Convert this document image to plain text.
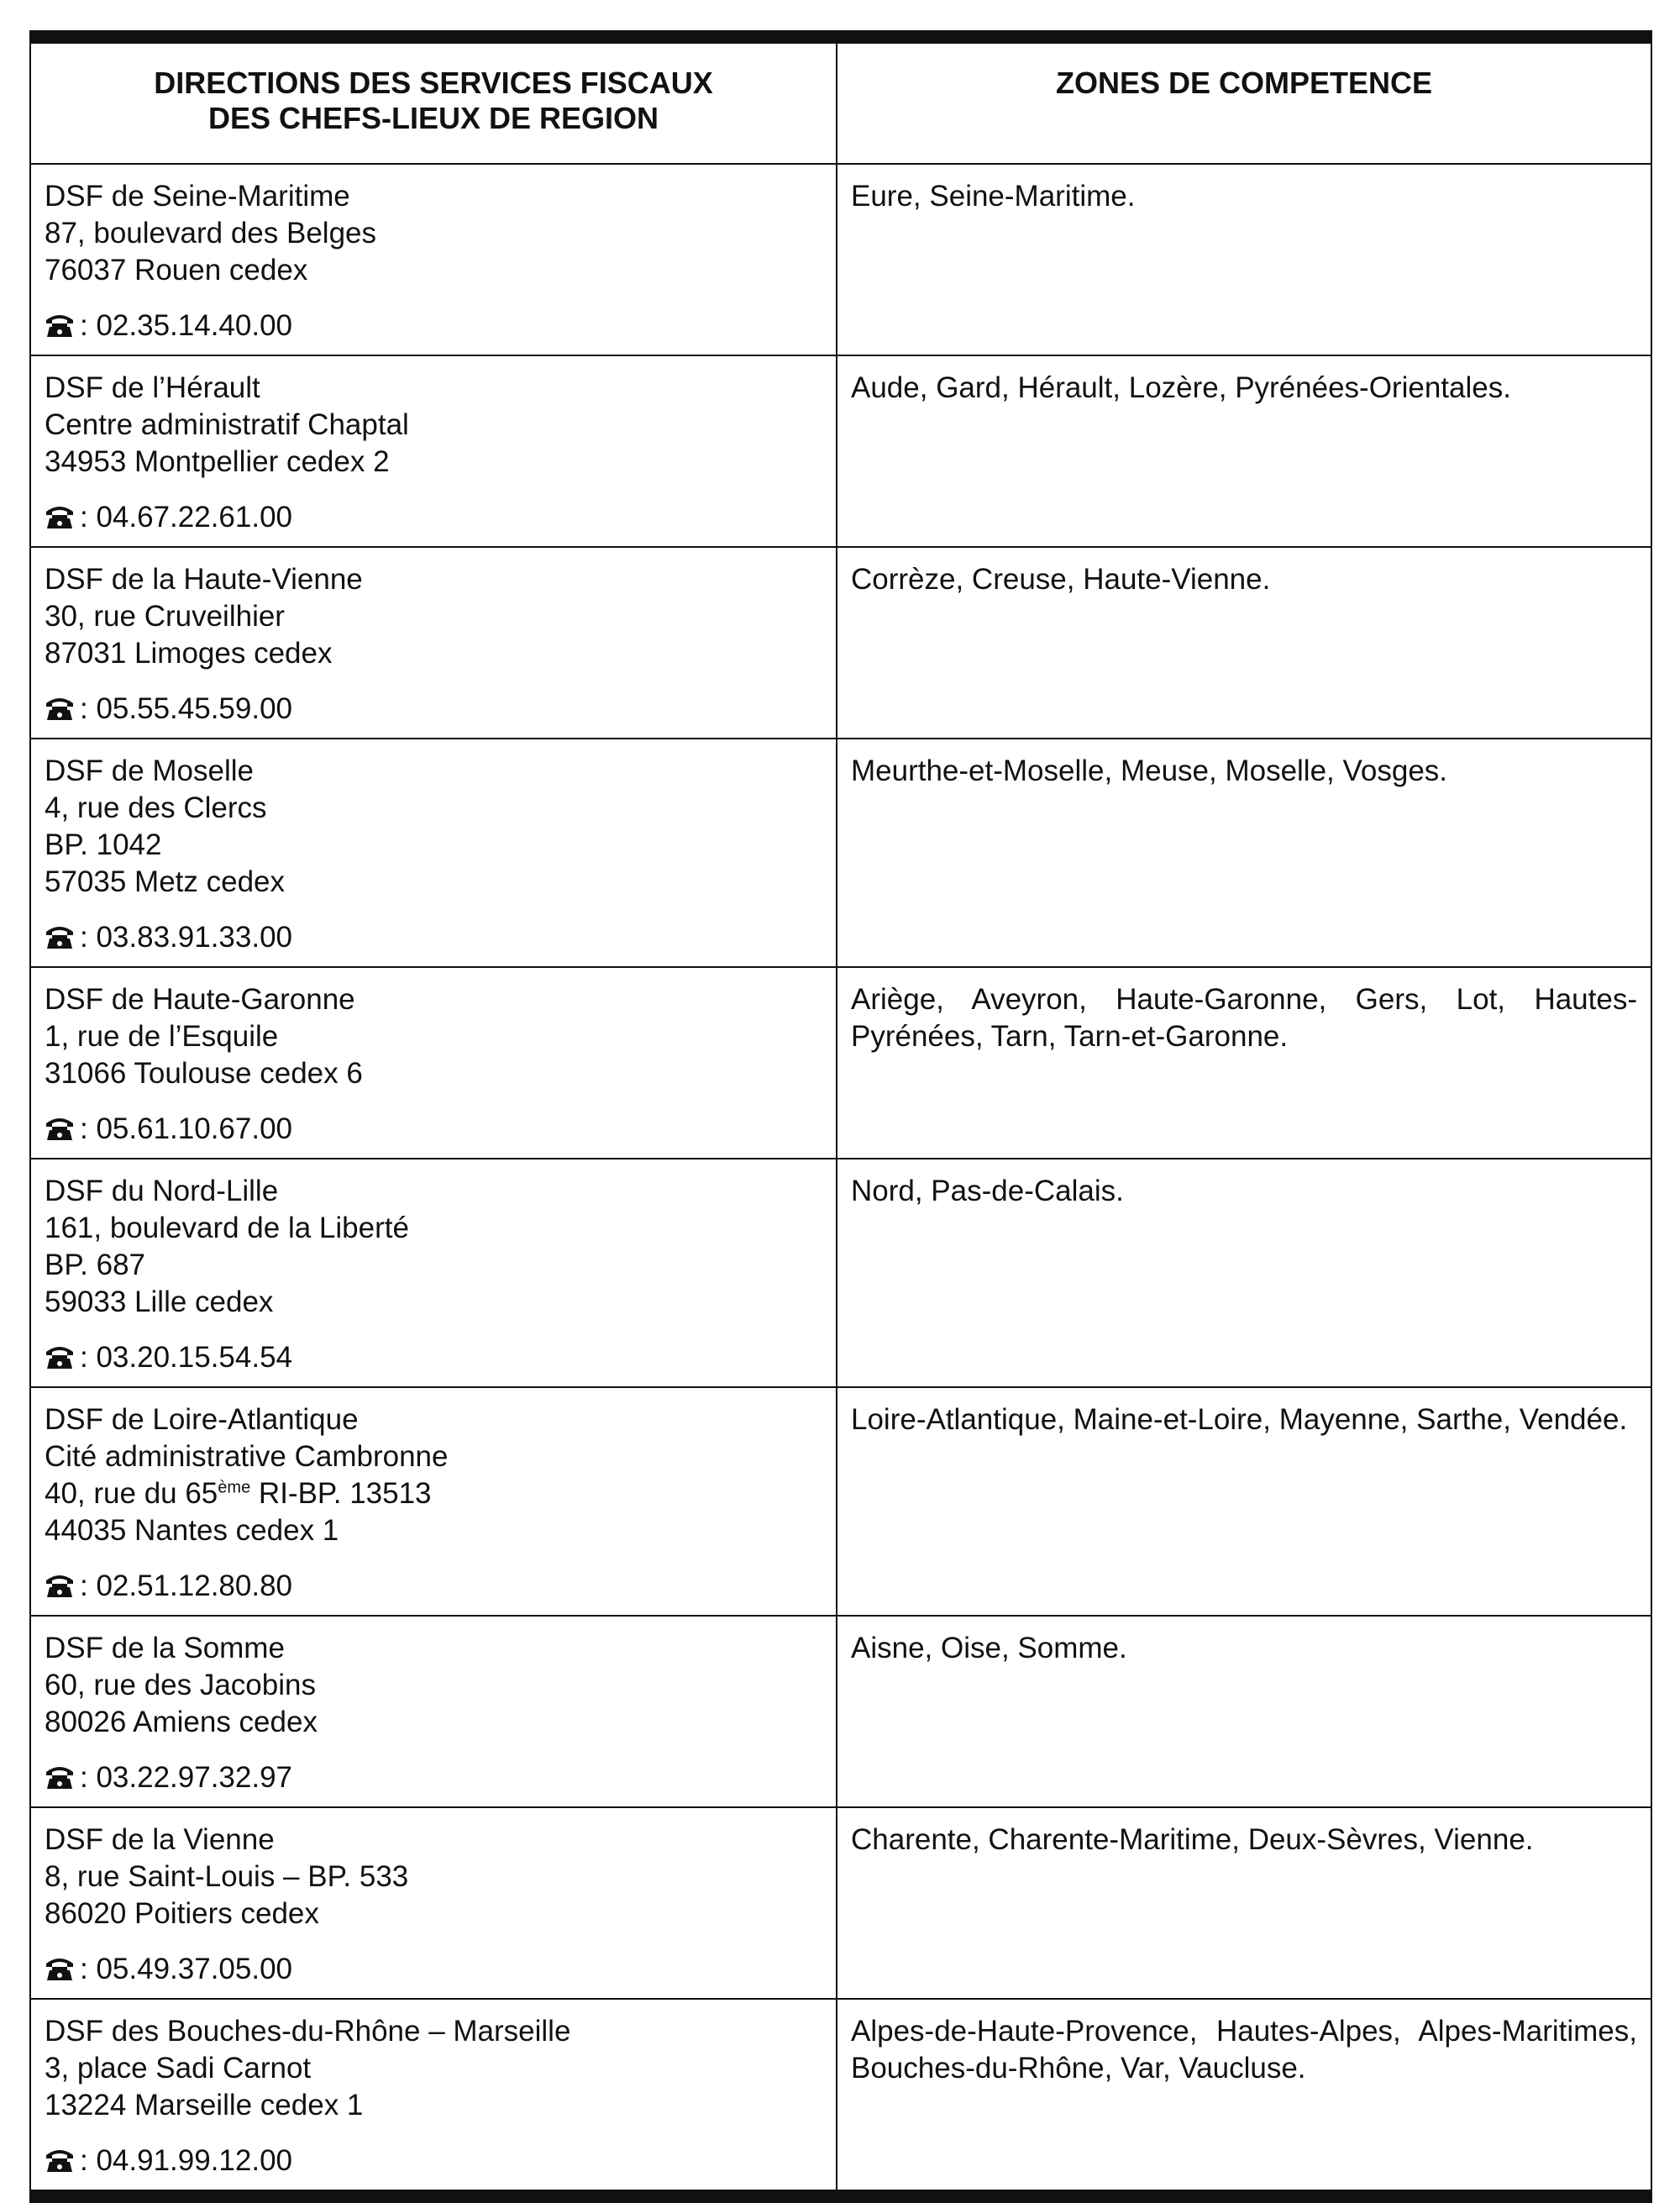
DIRECTIONS DES SERVICES FISCAUX
DES CHEFS-LIEUX DE REGION	ZONES DE COMPETENCE

DSF de Seine-Maritime
87, boulevard des Belges
76037 Rouen cedex
: 02.35.14.40.00	Eure, Seine-Maritime.

DSF de l’Hérault
Centre administratif Chaptal
34953 Montpellier cedex 2
: 04.67.22.61.00	Aude, Gard, Hérault, Lozère, Pyrénées-Orientales.

DSF de la Haute-Vienne
30, rue Cruveilhier
87031 Limoges cedex
: 05.55.45.59.00	Corrèze, Creuse, Haute-Vienne.

DSF de Moselle
4, rue des Clercs
BP. 1042
57035 Metz cedex
: 03.83.91.33.00	Meurthe-et-Moselle, Meuse, Moselle, Vosges.

DSF de Haute-Garonne
1, rue de l’Esquile
31066 Toulouse cedex 6
: 05.61.10.67.00	Ariège, Aveyron, Haute-Garonne, Gers, Lot, Hautes-Pyrénées, Tarn, Tarn-et-Garonne.

DSF du Nord-Lille
161, boulevard de la Liberté
BP. 687
59033 Lille cedex
: 03.20.15.54.54	Nord, Pas-de-Calais.

DSF de Loire-Atlantique
Cité administrative Cambronne
40, rue du 65ème RI-BP. 13513
44035 Nantes cedex 1
: 02.51.12.80.80	Loire-Atlantique, Maine-et-Loire, Mayenne, Sarthe, Vendée.

DSF de la Somme
60, rue des Jacobins
80026 Amiens cedex
: 03.22.97.32.97	Aisne, Oise, Somme.

DSF de la Vienne
8, rue Saint-Louis – BP. 533
86020 Poitiers cedex
: 05.49.37.05.00	Charente, Charente-Maritime, Deux-Sèvres, Vienne.

DSF des Bouches-du-Rhône – Marseille
3, place Sadi Carnot
13224 Marseille cedex 1
: 04.91.99.12.00	Alpes-de-Haute-Provence, Hautes-Alpes, Alpes-Maritimes, Bouches-du-Rhône, Var, Vaucluse.
